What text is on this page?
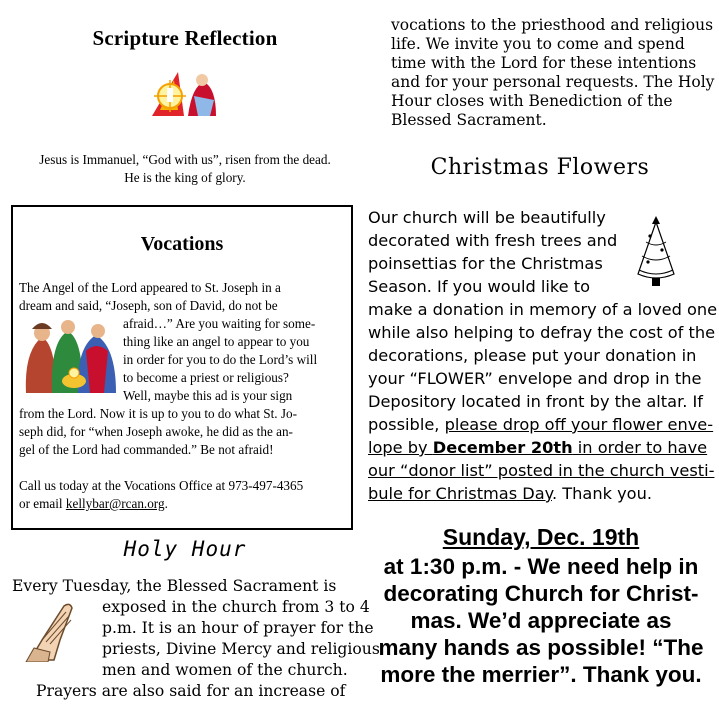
Scripture Reflection
Jesus is Immanuel, “God with us”, risen from the dead.
He is the king of glory.
Vocations
The Angel of the Lord appeared to St. Joseph in a
dream and said, “Joseph, son of David, do not be
afraid…” Are you waiting for some-
thing like an angel to appear to you
in order for you to do the Lord’s will
to become a priest or religious?
Well, maybe this ad is your sign
from the Lord. Now it is up to you to do what St. Jo-
seph did, for “when Joseph awoke, he did as the an-
gel of the Lord had commanded.” Be not afraid!
Call us today at the Vocations Office at 973-497-4365
or email kellybar@rcan.org.
Holy Hour
Every Tuesday, the Blessed Sacrament is
exposed in the church from 3 to 4
p.m. It is an hour of prayer for the
priests, Divine Mercy and religious
men and women of the church.
Prayers are also said for an increase of
vocations to the priesthood and religious
life. We invite you to come and spend
time with the Lord for these intentions
and for your personal requests. The Holy
Hour closes with Benediction of the
Blessed Sacrament.
Christmas Flowers
Our church will be beautifully
decorated with fresh trees and
poinsettias for the Christmas
Season. If you would like to
make a donation in memory of a loved one
while also helping to defray the cost of the
decorations, please put your donation in
your “FLOWER” envelope and drop in the
Depository located in front by the altar. If
possible, please drop off your flower enve-
lope by December 20th in order to have
our “donor list” posted in the church vesti-
bule for Christmas Day. Thank you.
Sunday, Dec. 19th
at 1:30 p.m. - We need help in
decorating Church for Christ-
mas. We’d appreciate as
many hands as possible! “The
more the merrier”. Thank you.
